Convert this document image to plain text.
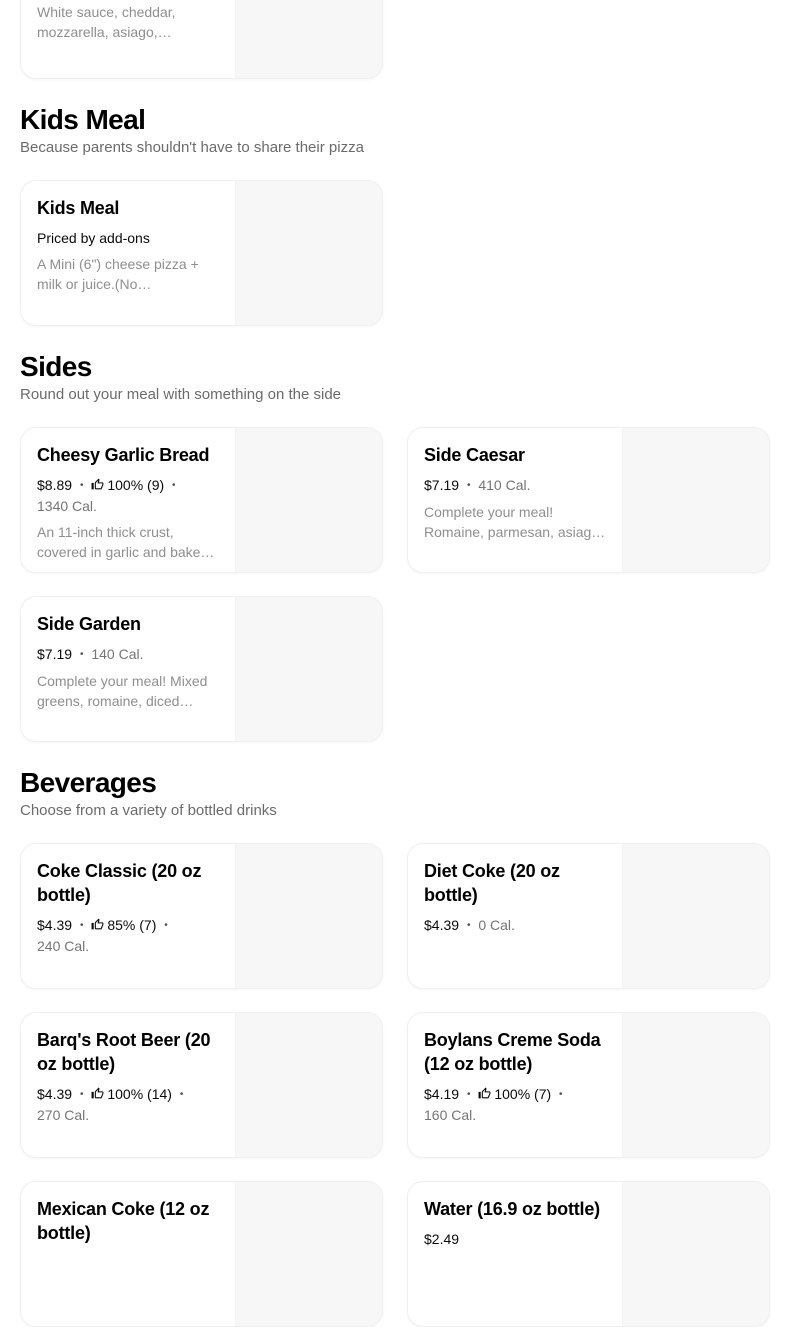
White sauce, cheddar, mozzarella, asiago,…

Kids Meal

Because parents shouldn't have to share their pizza

Kids Meal

Priced by add-ons

A Mini (6") cheese pizza + milk or juice.(No…

Sides

Round out your meal with something on the side

Cheesy Garlic Bread

$8.89 • 100% (9) •
1340 Cal.

An 11-inch thick crust, covered in garlic and bake…

Side Caesar

$7.19 • 410 Cal.

Complete your meal! Romaine, parmesan, asiag…

Side Garden

$7.19 • 140 Cal.

Complete your meal! Mixed greens, romaine, diced…

Beverages

Choose from a variety of bottled drinks

Coke Classic (20 oz bottle)

$4.39 • 85% (7) • 240 Cal.

Diet Coke (20 oz bottle)

$4.39 • 0 Cal.

Barq's Root Beer (20 oz bottle)

$4.39 • 100% (14) • 270 Cal.

Boylans Creme Soda (12 oz bottle)

$4.19 • 100% (7) • 160 Cal.

Mexican Coke (12 oz bottle)
Water (16.9 oz bottle)

$2.49
